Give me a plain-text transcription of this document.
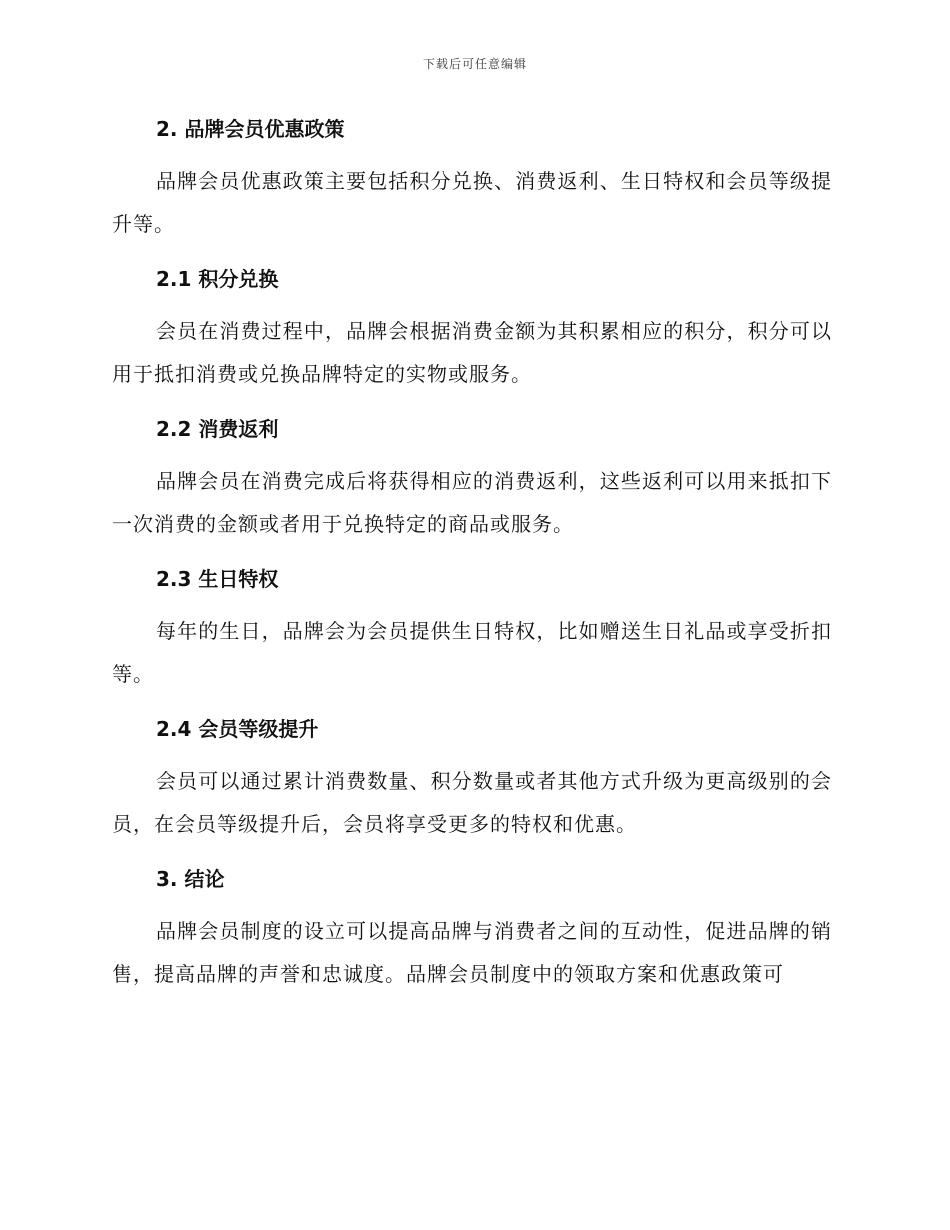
下载后可任意编辑
2. 品牌会员优惠政策

品牌会员优惠政策主要包括积分兑换、消费返利、生日特权和会员等级提升等。

2.1 积分兑换

会员在消费过程中，品牌会根据消费金额为其积累相应的积分，积分可以用于抵扣消费或兑换品牌特定的实物或服务。

2.2 消费返利

品牌会员在消费完成后将获得相应的消费返利，这些返利可以用来抵扣下一次消费的金额或者用于兑换特定的商品或服务。

2.3 生日特权

每年的生日，品牌会为会员提供生日特权，比如赠送生日礼品或享受折扣等。

2.4 会员等级提升

会员可以通过累计消费数量、积分数量或者其他方式升级为更高级别的会员，在会员等级提升后，会员将享受更多的特权和优惠。

3. 结论

品牌会员制度的设立可以提高品牌与消费者之间的互动性，促进品牌的销售，提高品牌的声誉和忠诚度。品牌会员制度中的领取方案和优惠政策可
